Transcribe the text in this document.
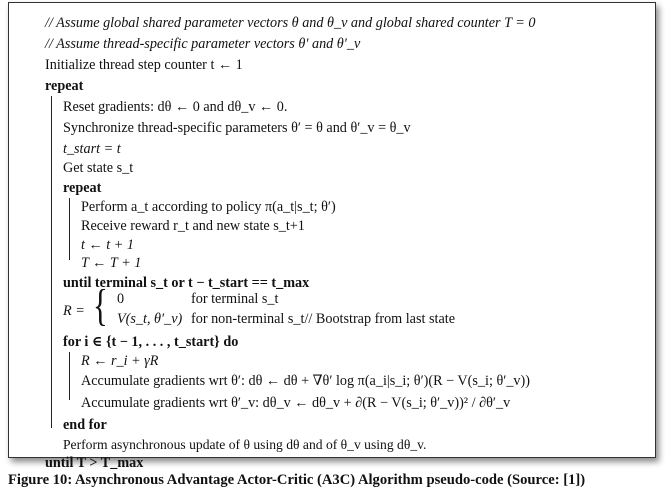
// Assume global shared parameter vectors θ and θ_v and global shared counter T = 0
// Assume thread-specific parameter vectors θ′ and θ′_v
Initialize thread step counter t ← 1
repeat
Reset gradients: dθ ← 0 and dθ_v ← 0.
Synchronize thread-specific parameters θ′ = θ and θ′_v = θ_v
t_start = t
Get state s_t
repeat
Perform a_t according to policy π(a_t|s_t; θ′)
Receive reward r_t and new state s_t+1
t ← t + 1
T ← T + 1
until terminal s_t or t − t_start == t_max
R = { 0	for terminal s_t
V(s_t, θ′_v) for non-terminal s_t// Bootstrap from last state
for i ∈ {t − 1, . . . , t_start} do
R ← r_i + γR
Accumulate gradients wrt θ′: dθ ← dθ + ∇θ′ log π(a_i|s_i; θ′)(R − V(s_i; θ′_v))
Accumulate gradients wrt θ′_v: dθ_v ← dθ_v + ∂(R − V(s_i; θ′_v))² / ∂θ′_v
end for
Perform asynchronous update of θ using dθ and of θ_v using dθ_v.
until T > T_max
Figure 10: Asynchronous Advantage Actor-Critic (A3C) Algorithm pseudo-code (Source: [1])
